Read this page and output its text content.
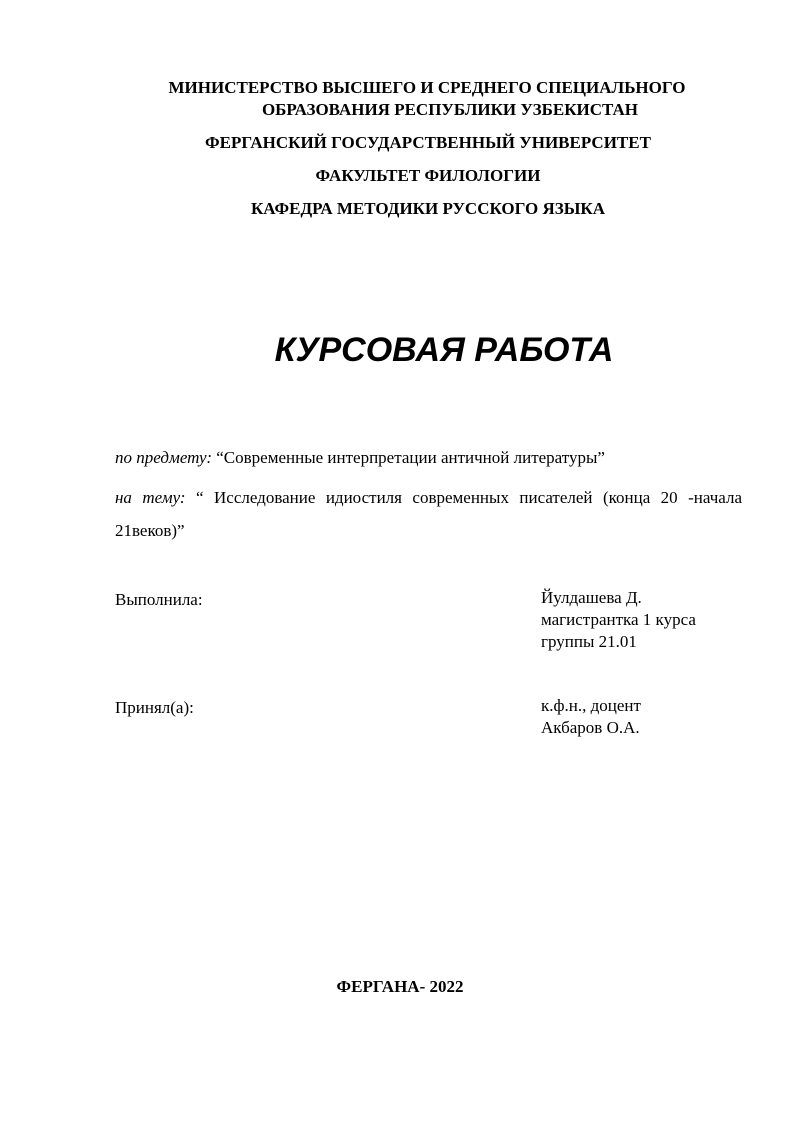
МИНИСТЕРСТВО ВЫСШЕГО И СРЕДНЕГО СПЕЦИАЛЬНОГО
ОБРАЗОВАНИЯ РЕСПУБЛИКИ УЗБЕКИСТАН
ФЕРГАНСКИЙ ГОСУДАРСТВЕННЫЙ УНИВЕРСИТЕТ
ФАКУЛЬТЕТ ФИЛОЛОГИИ
КАФЕДРА МЕТОДИКИ РУССКОГО ЯЗЫКА
КУРСОВАЯ РАБОТА
по предмету: “Современные интерпретации античной литературы”
на тему: “ Исследование идиостиля современных писателей (конца 20 -начала 21веков)”
Выполнила:	Йулдашева Д.
магистрантка 1 курса
группы 21.01
Принял(а):	к.ф.н., доцент
Акбаров О.А.
ФЕРГАНА- 2022
